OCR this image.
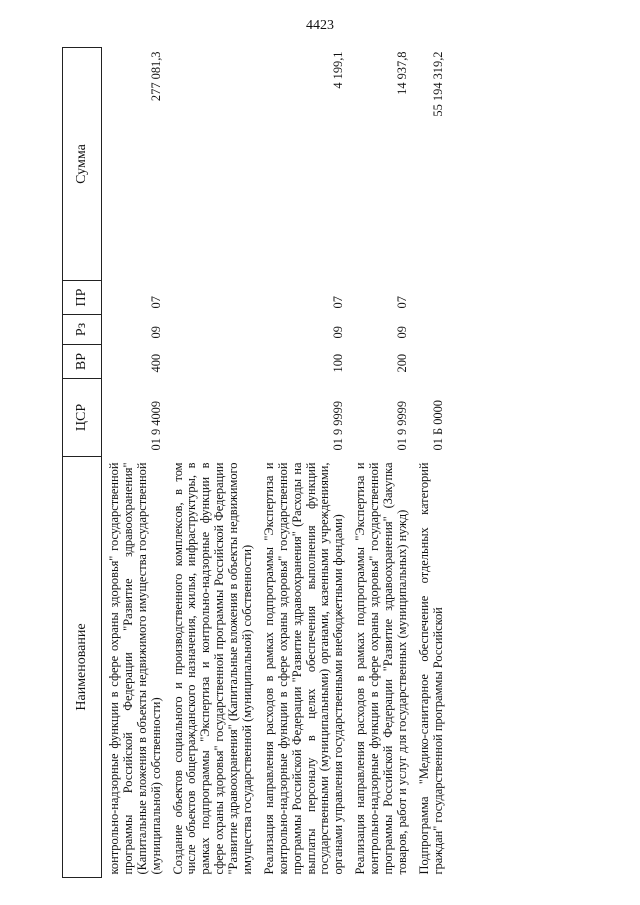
4423
Наименование	ЦСР	ВР	Рз	ПР	Сумма
контрольно-надзорные функции в сфере охраны здоровья" государственной программы Российской Федерации "Развитие здравоохранения" (Капитальные вложения в объекты недвижимого имущества государственной (муниципальной) собственности)	01 9 4009	400	09	07	277 081,3
Создание объектов социального и производственного комплексов, в том числе объектов общегражданского назначения, жилья, инфраструктуры, в рамках подпрограммы "Экспертиза и контрольно-надзорные функции в сфере охраны здоровья" государственной программы Российской Федерации "Развитие здравоохранения" (Капитальные вложения в объекты недвижимого имущества государственной (муниципальной) собственности)					
Реализация направления расходов в рамках подпрограммы "Экспертиза и контрольно-надзорные функции в сфере охраны здоровья" государственной программы Российской Федерации "Развитие здравоохранения" (Расходы на выплаты персоналу в целях обеспечения выполнения функций государственными (муниципальными) органами, казенными учреждениями, органами управления государственными внебюджетными фондами)	01 9 9999	100	09	07	4 199,1
Реализация направления расходов в рамках подпрограммы "Экспертиза и контрольно-надзорные функции в сфере охраны здоровья" государственной программы Российской Федерации "Развитие здравоохранения" (Закупка товаров, работ и услуг для государственных (муниципальных) нужд)	01 9 9999	200	09	07	14 937,8
Подпрограмма "Медико-санитарное обеспечение отдельных категорий граждан" государственной программы Российской	01 Б 0000				55 194 319,2
